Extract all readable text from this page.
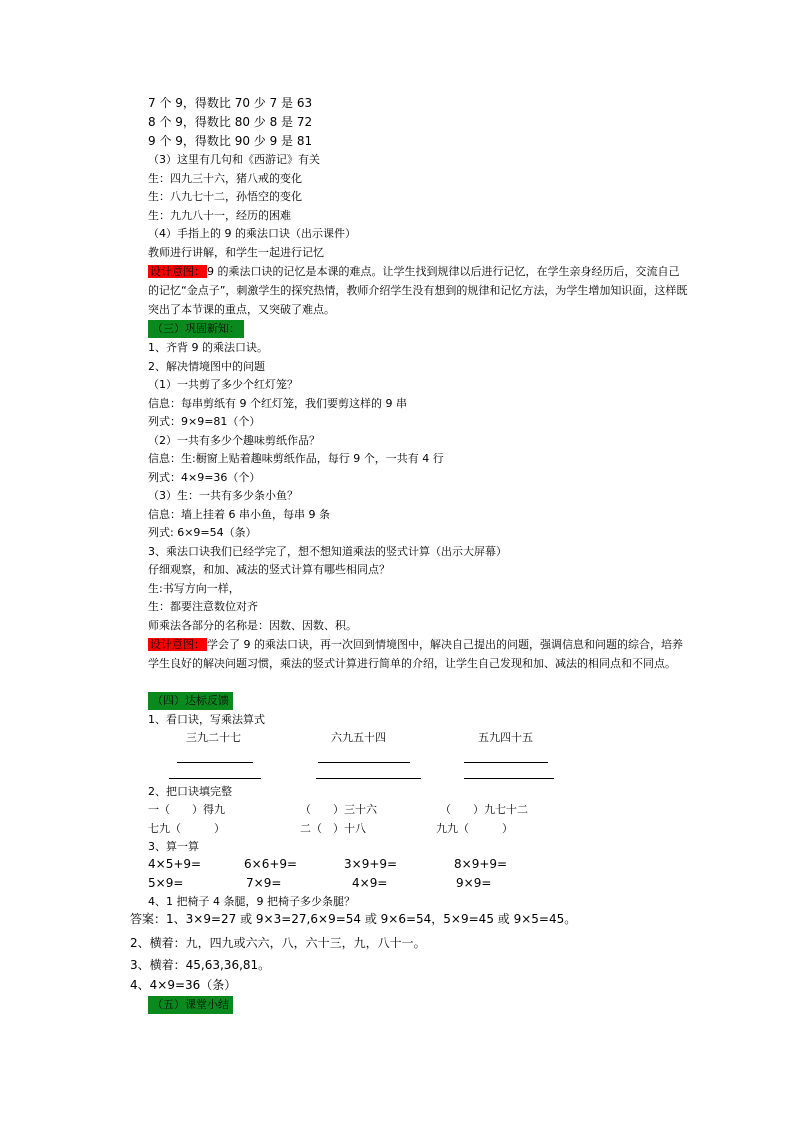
7 个 9，得数比 70 少 7 是 63
8 个 9，得数比 80 少 8 是 72
9 个 9，得数比 90 少 9 是 81
（3）这里有几句和《西游记》有关
生：四九三十六，猪八戒的变化
生：八九七十二，孙悟空的变化
生：九九八十一，经历的困难
（4）手指上的 9 的乘法口诀（出示课件）
教师进行讲解，和学生一起进行记忆
设计意图： 9 的乘法口诀的记忆是本课的难点。让学生找到规律以后进行记忆，在学生亲身经历后，交流自己的记忆“金点子”，刺激学生的探究热情，教师介绍学生没有想到的规律和记忆方法，为学生增加知识面，这样既突出了本节课的重点，又突破了难点。
（三）巩固新知：
1、齐背 9 的乘法口诀。
2、解决情境图中的问题
（1）一共剪了多少个红灯笼？
信息：每串剪纸有 9 个红灯笼，我们要剪这样的 9 串
列式：9×9=81（个）
（2）一共有多少个趣味剪纸作品？
信息：生:橱窗上贴着趣味剪纸作品，每行 9 个，一共有 4 行
列式：4×9=36（个）
（3）生：一共有多少条小鱼？
信息：墙上挂着 6 串小鱼，每串 9 条
列式: 6×9=54（条）
3、乘法口诀我们已经学完了，想不想知道乘法的竖式计算（出示大屏幕）
仔细观察，和加、减法的竖式计算有哪些相同点？
生:书写方向一样，
生：都要注意数位对齐
师乘法各部分的名称是：因数、因数、积。
设计意图： 学会了 9 的乘法口诀，再一次回到情境图中，解决自己提出的问题，强调信息和问题的综合，培养学生良好的解决问题习惯，乘法的竖式计算进行简单的介绍，让学生自己发现和加、减法的相同点和不同点。
（四）达标反馈
1、看口诀，写乘法算式
三九二十七	六九五十四	五九四十五
2、把口诀填完整
一（　　）得九	（　　）三十六	（　　）九七十二
七九（　　　）	二（　）十八	九九（　　　）
3、算一算
4×5+9=	6×6+9=	3×9+9=	8×9+9=
5×9=	7×9=	4×9=	9×9=
4、1 把椅子 4 条腿，9 把椅子多少条腿？
答案：1、3×9=27 或 9×3=27,6×9=54 或 9×6=54，5×9=45 或 9×5=45。
2、横着：九，四九或六六，八，六十三，九，八十一。
3、横着：45,63,36,81。
4、4×9=36（条）
（五）课堂小结
